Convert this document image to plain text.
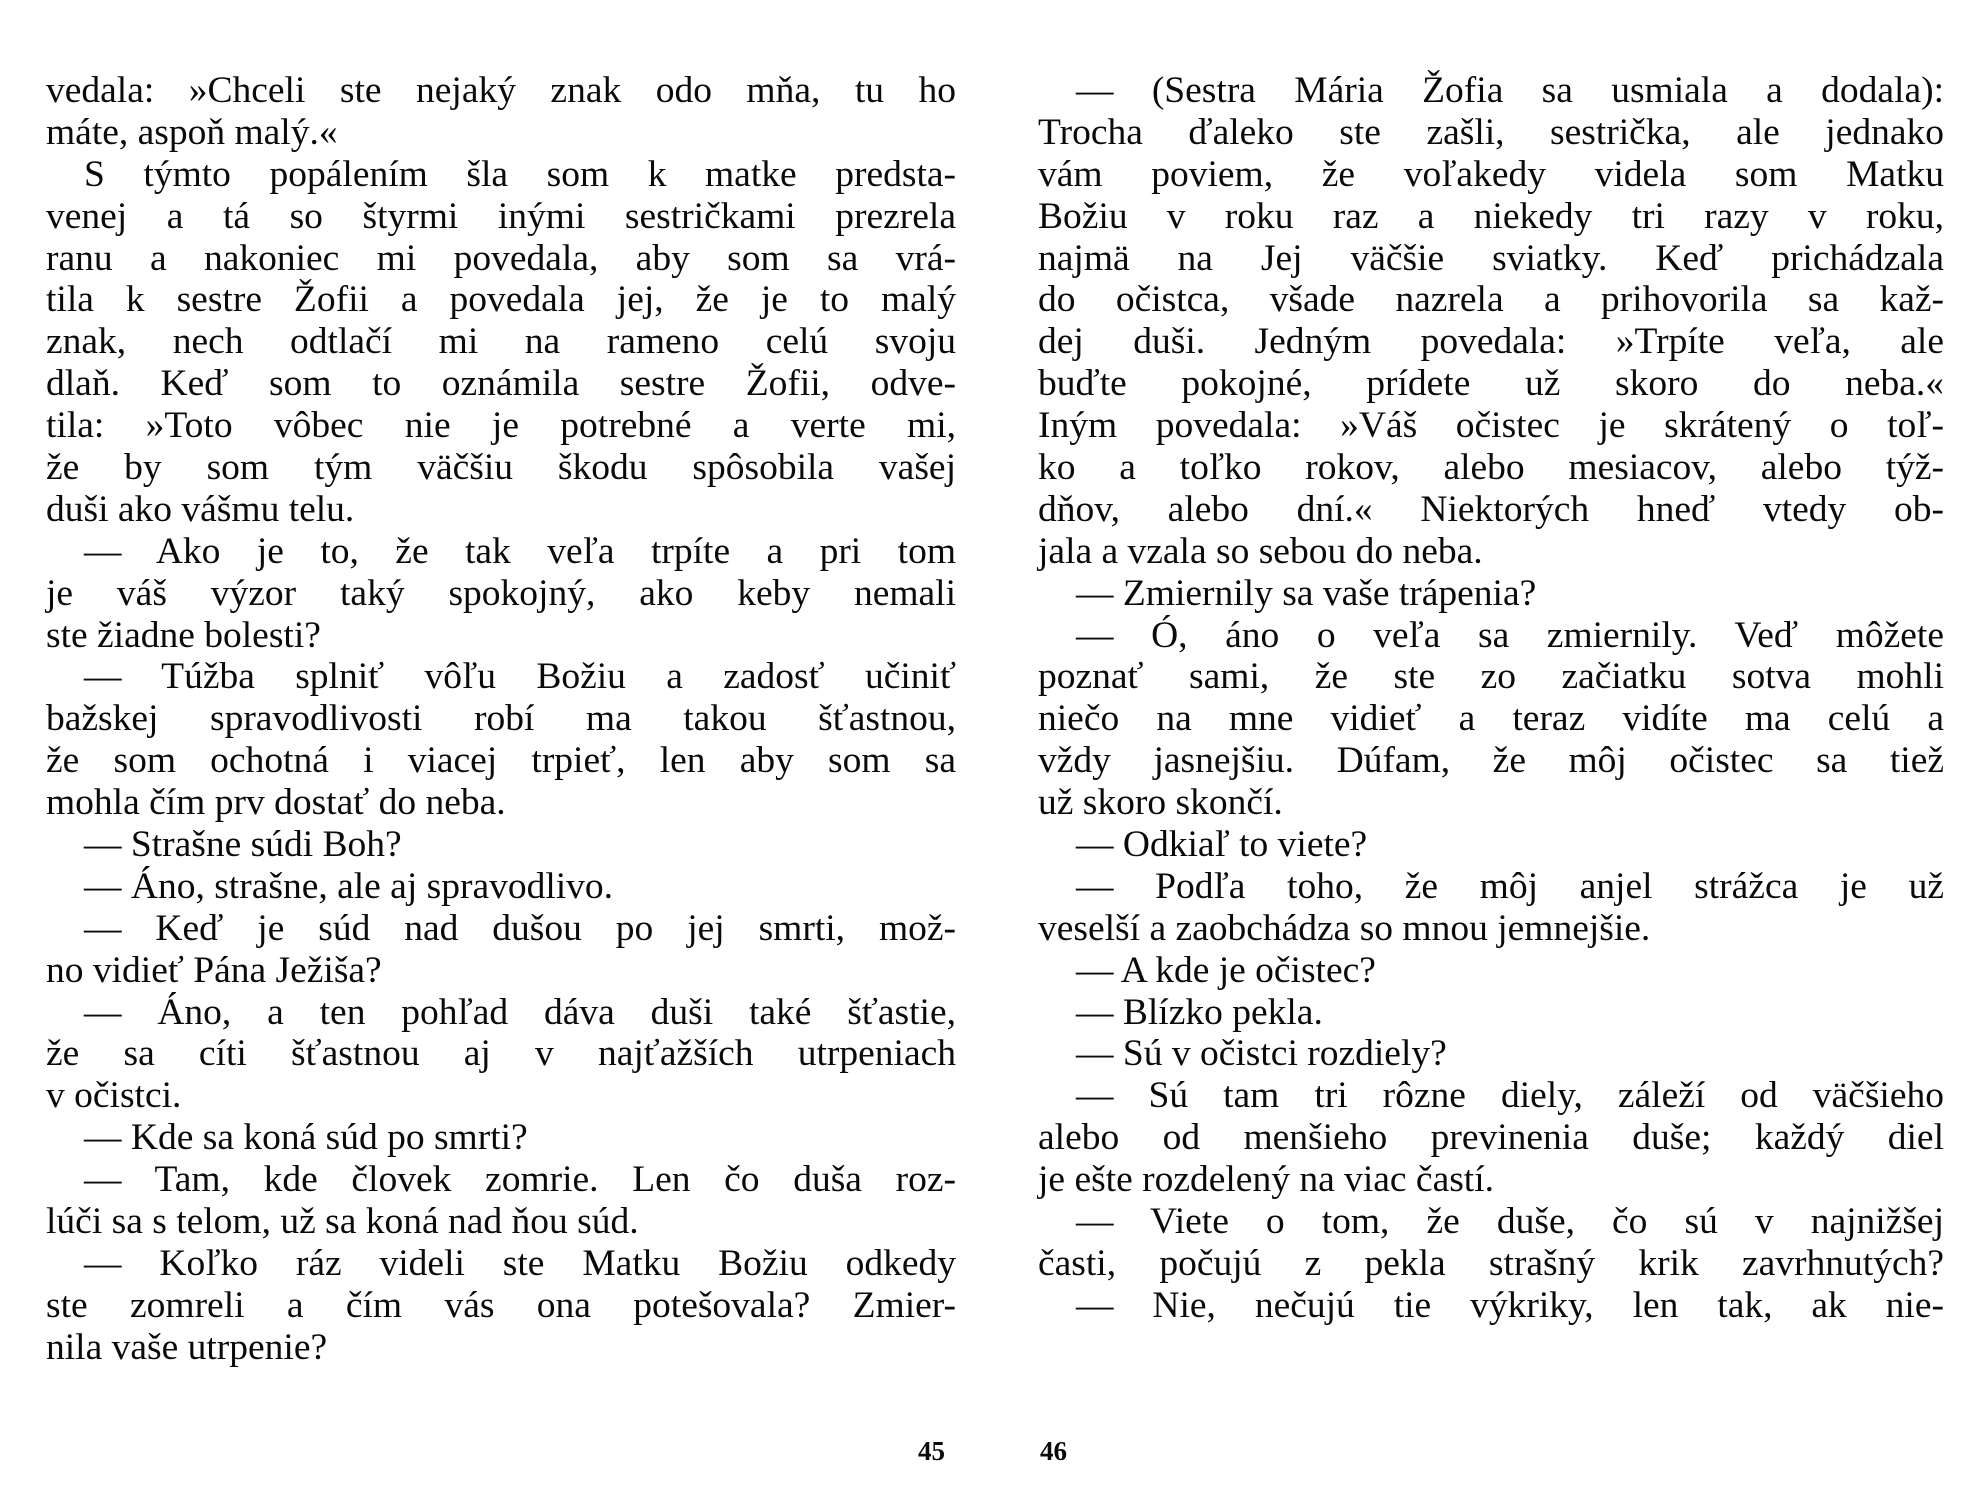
vedala: »Chceli ste nejaký znak odo mňa, tu ho
máte, aspoň malý.«
S týmto popálením šla som k matke predsta-
venej a tá so štyrmi inými sestričkami prezrela
ranu a nakoniec mi povedala, aby som sa vrá-
tila k sestre Žofii a povedala jej, že je to malý
znak, nech odtlačí mi na rameno celú svoju
dlaň. Keď som to oznámila sestre Žofii, odve-
tila: »Toto vôbec nie je potrebné a verte mi,
že by som tým väčšiu škodu spôsobila vašej
duši ako vášmu telu.
— Ako je to, že tak veľa trpíte a pri tom
je váš výzor taký spokojný, ako keby nemali
ste žiadne bolesti?
— Túžba splniť vôľu Božiu a zadosť učiniť
bažskej spravodlivosti robí ma takou šťastnou,
že som ochotná i viacej trpieť, len aby som sa
mohla čím prv dostať do neba.
— Strašne súdi Boh?
— Áno, strašne, ale aj spravodlivo.
— Keď je súd nad dušou po jej smrti, mož-
no vidieť Pána Ježiša?
— Áno, a ten pohľad dáva duši také šťastie,
že sa cíti šťastnou aj v najťažších utrpeniach
v očistci.
— Kde sa koná súd po smrti?
— Tam, kde človek zomrie. Len čo duša roz-
lúči sa s telom, už sa koná nad ňou súd.
— Koľko ráz videli ste Matku Božiu odkedy
ste zomreli a čím vás ona potešovala? Zmier-
nila vaše utrpenie?
— (Sestra Mária Žofia sa usmiala a dodala):
Trocha ďaleko ste zašli, sestrička, ale jednako
vám poviem, že voľakedy videla som Matku
Božiu v roku raz a niekedy tri razy v roku,
najmä na Jej väčšie sviatky. Keď prichádzala
do očistca, všade nazrela a prihovorila sa kaž-
dej duši. Jedným povedala: »Trpíte veľa, ale
buďte pokojné, prídete už skoro do neba.«
Iným povedala: »Váš očistec je skrátený o toľ-
ko a toľko rokov, alebo mesiacov, alebo týž-
dňov, alebo dní.« Niektorých hneď vtedy ob-
jala a vzala so sebou do neba.
— Zmiernily sa vaše trápenia?
— Ó, áno o veľa sa zmiernily. Veď môžete
poznať sami, že ste zo začiatku sotva mohli
niečo na mne vidieť a teraz vidíte ma celú a
vždy jasnejšiu. Dúfam, že môj očistec sa tiež
už skoro skončí.
— Odkiaľ to viete?
— Podľa toho, že môj anjel strážca je už
veselší a zaobchádza so mnou jemnejšie.
— A kde je očistec?
— Blízko pekla.
— Sú v očistci rozdiely?
— Sú tam tri rôzne diely, záleží od väčšieho
alebo od menšieho previnenia duše; každý diel
je ešte rozdelený na viac častí.
— Viete o tom, že duše, čo sú v najnižšej
časti, počujú z pekla strašný krik zavrhnutých?
— Nie, nečujú tie výkriky, len tak, ak nie-
45	46
